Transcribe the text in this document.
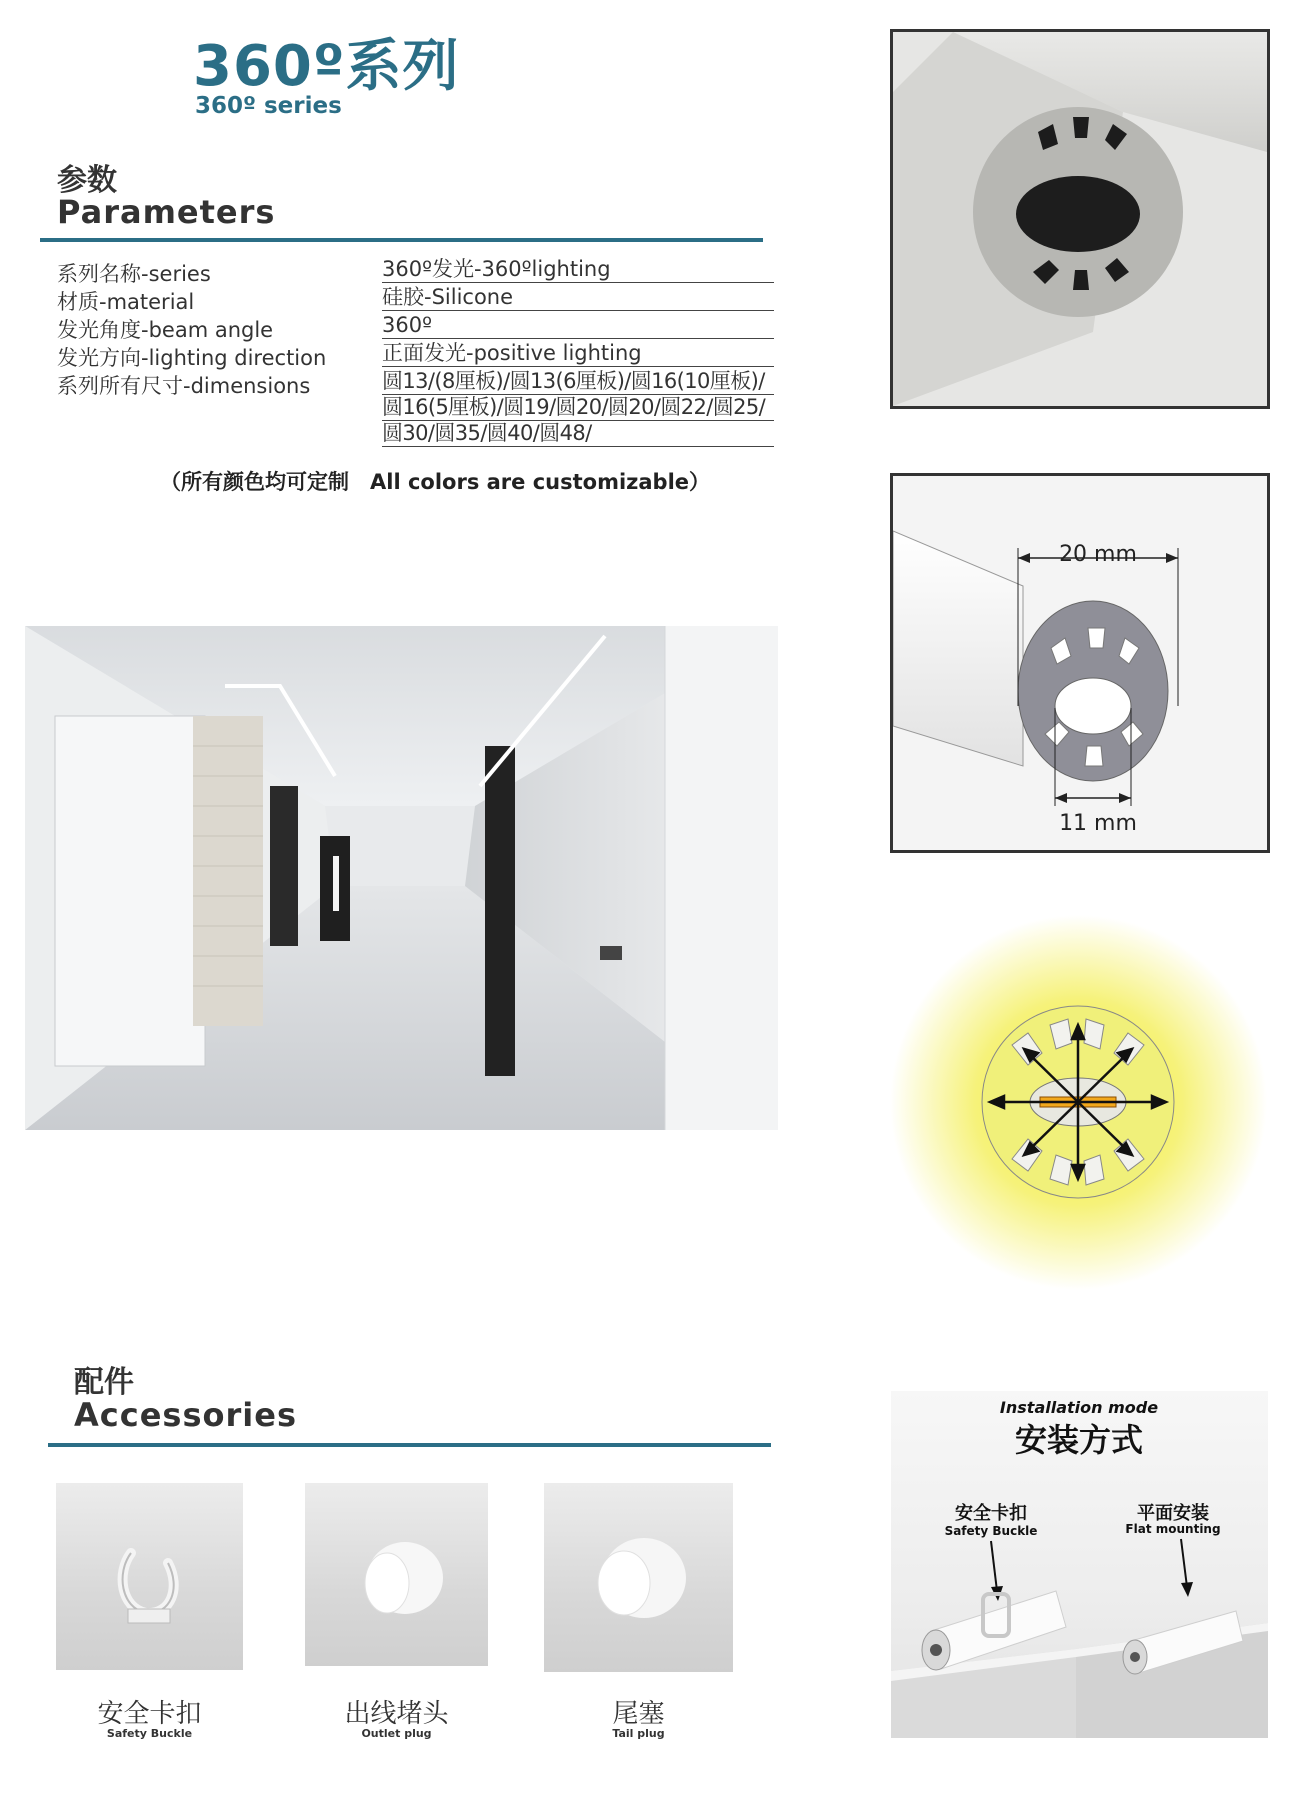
360º系列
360º series
参数
Parameters
系列名称-series	360º发光-360ºlighting
材质-material	硅胶-Silicone
发光角度-beam angle	360º
发光方向-lighting direction	正面发光-positive lighting
系列所有尺寸-dimensions	圆13/(8厘板)/圆13(6厘板)/圆16(10厘板)/
圆16(5厘板)/圆19/圆20/圆20/圆22/圆25/
圆30/圆35/圆40/圆48/
（所有颜色均可定制　All colors are customizable）
20 mm
11 mm
配件
Accessories
安全卡扣
Safety Buckle
出线堵头
Outlet plug
尾塞
Tail plug
Installation mode
安装方式
安全卡扣
Safety Buckle
平面安装
Flat mounting
